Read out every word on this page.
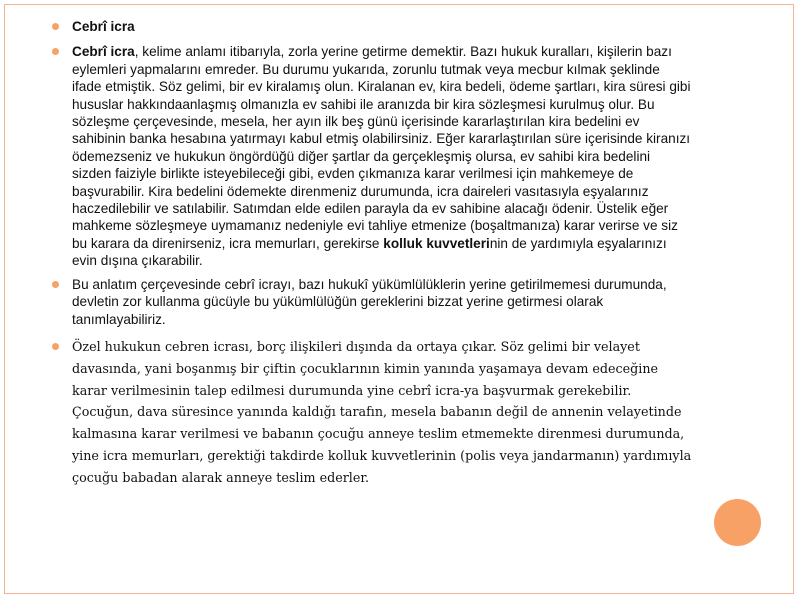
Cebrî icra
Cebrî icra, kelime anlamı itibarıyla, zorla yerine getirme demektir. Bazı hukuk kuralları, kişilerin bazı eylemleri yapmalarını emreder. Bu durumu yukarıda, zorunlu tutmak veya mecbur kılmak şeklinde ifade etmiştik. Söz gelimi, bir ev kiralamış olun. Kiralanan ev, kira bedeli, ödeme şartları, kira süresi gibi hususlar hakkındaanlaşmış olmanızla ev sahibi ile aranızda bir kira sözleşmesi kurulmuş olur. Bu sözleşme çerçevesinde, mesela, her ayın ilk beş günü içerisinde kararlaştırılan kira bedelini ev sahibinin banka hesabına yatırmayı kabul etmiş olabilirsiniz. Eğer kararlaştırılan süre içerisinde kiranızı ödemezseniz ve hukukun öngördüğü diğer şartlar da gerçekleşmiş olursa, ev sahibi kira bedelini sizden faiziyle birlikte isteyebileceği gibi, evden çıkmanıza karar verilmesi için mahkemeye de başvurabilir. Kira bedelini ödemekte direnmeniz durumunda, icra daireleri vasıtasıyla eşyalarınız haczedilebilir ve satılabilir. Satımdan elde edilen parayla da ev sahibine alacağı ödenir. Üstelik eğer mahkeme sözleşmeye uymamanız nedeniyle evi tahliye etmenize (boşaltmanıza) karar verirse ve siz bu karara da direnirseniz, icra memurları, gerekirse kolluk kuvvetlerinin de yardımıyla eşyalarınızı evin dışına çıkarabilir.
Bu anlatım çerçevesinde cebrî icrayı, bazı hukukî yükümlülüklerin yerine getirilmemesi durumunda, devletin zor kullanma gücüyle bu yükümlülüğün gereklerini bizzat yerine getirmesi olarak tanımlayabiliriz.
Özel hukukun cebren icrası, borç ilişkileri dışında da ortaya çıkar. Söz gelimi bir velayet davasında, yani boşanmış bir çiftin çocuklarının kimin yanında yaşamaya devam edeceğine karar verilmesinin talep edilmesi durumunda yine cebrî icra-ya başvurmak gerekebilir. Çocuğun, dava süresince yanında kaldığı tarafın, mesela babanın değil de annenin velayetinde kalmasına karar verilmesi ve babanın çocuğu anneye teslim etmemekte direnmesi durumunda, yine icra memurları, gerektiği takdirde kolluk kuvvetlerinin (polis veya jandarmanın) yardımıyla çocuğu babadan alarak anneye teslim ederler.
